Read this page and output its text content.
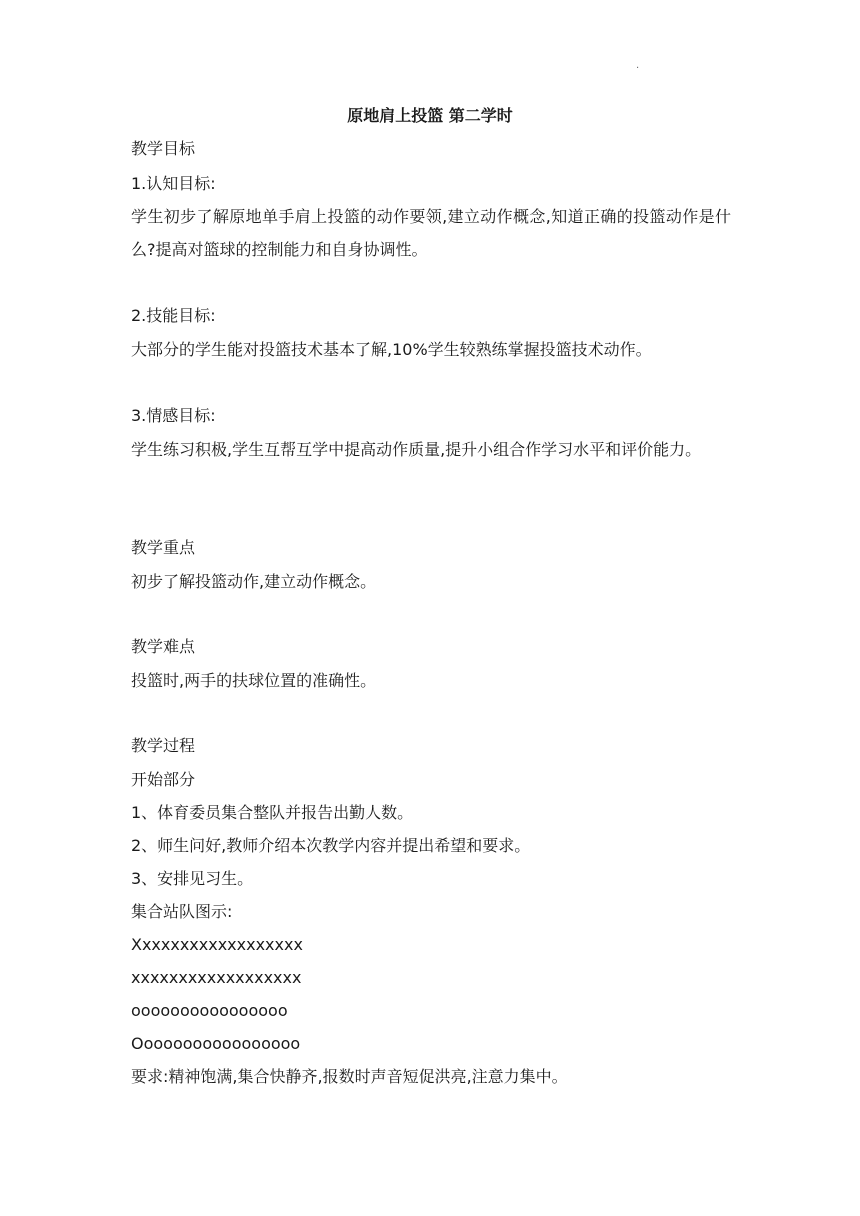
.
原地肩上投篮 第二学时
教学目标
1.认知目标:
学生初步了解原地单手肩上投篮的动作要领,建立动作概念,知道正确的投篮动作是什么?提高对篮球的控制能力和自身协调性。
2.技能目标:
大部分的学生能对投篮技术基本了解,10%学生较熟练掌握投篮技术动作。
3.情感目标:
学生练习积极,学生互帮互学中提高动作质量,提升小组合作学习水平和评价能力。
教学重点
初步了解投篮动作,建立动作概念。
教学难点
投篮时,两手的扶球位置的准确性。
教学过程
开始部分
1、体育委员集合整队并报告出勤人数。
2、师生问好,教师介绍本次教学内容并提出希望和要求。
3、安排见习生。
集合站队图示:
Xxxxxxxxxxxxxxxxxx
xxxxxxxxxxxxxxxxxx
oooooooooooooooo
Ooooooooooooooooo
要求:精神饱满,集合快静齐,报数时声音短促洪亮,注意力集中。
